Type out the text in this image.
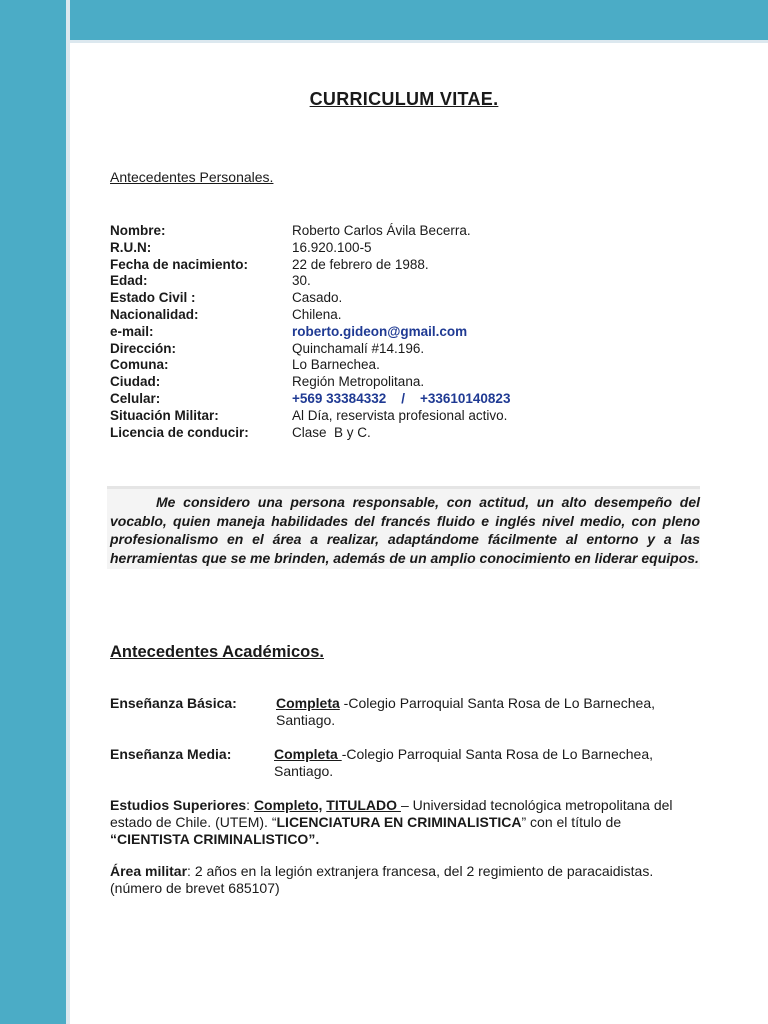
CURRICULUM VITAE.
Antecedentes Personales.
Nombre:	Roberto Carlos Ávila Becerra.
R.U.N:	16.920.100-5
Fecha de nacimiento:	22 de febrero de 1988.
Edad:	30.
Estado Civil :	Casado.
Nacionalidad:	Chilena.
e-mail:	roberto.gideon@gmail.com
Dirección:	Quinchamalí #14.196.
Comuna:	Lo Barnechea.
Ciudad:	Región Metropolitana.
Celular:	+569 33384332    /    +33610140823
Situación Militar:	Al Día, reservista profesional activo.
Licencia de conducir:	Clase  B y C.
Me considero una persona responsable, con actitud, un alto desempeño del vocablo, quien maneja habilidades del francés fluido e inglés nivel medio, con pleno profesionalismo en el área a realizar, adaptándome fácilmente al entorno y a las herramientas que se me brinden, además de un amplio conocimiento en liderar equipos.
Antecedentes Académicos.
Enseñanza Básica:	Completa -Colegio Parroquial Santa Rosa de Lo Barnechea, Santiago.
Enseñanza Media:	Completa -Colegio Parroquial Santa Rosa de Lo Barnechea, Santiago.
Estudios Superiores: Completo, TITULADO – Universidad tecnológica metropolitana del estado de Chile. (UTEM). “LICENCIATURA EN CRIMINALISTICA” con el título de “CIENTISTA CRIMINALISTICO”.
Área militar: 2 años en la legión extranjera francesa, del 2 regimiento de paracaidistas. (número de brevet 685107)
